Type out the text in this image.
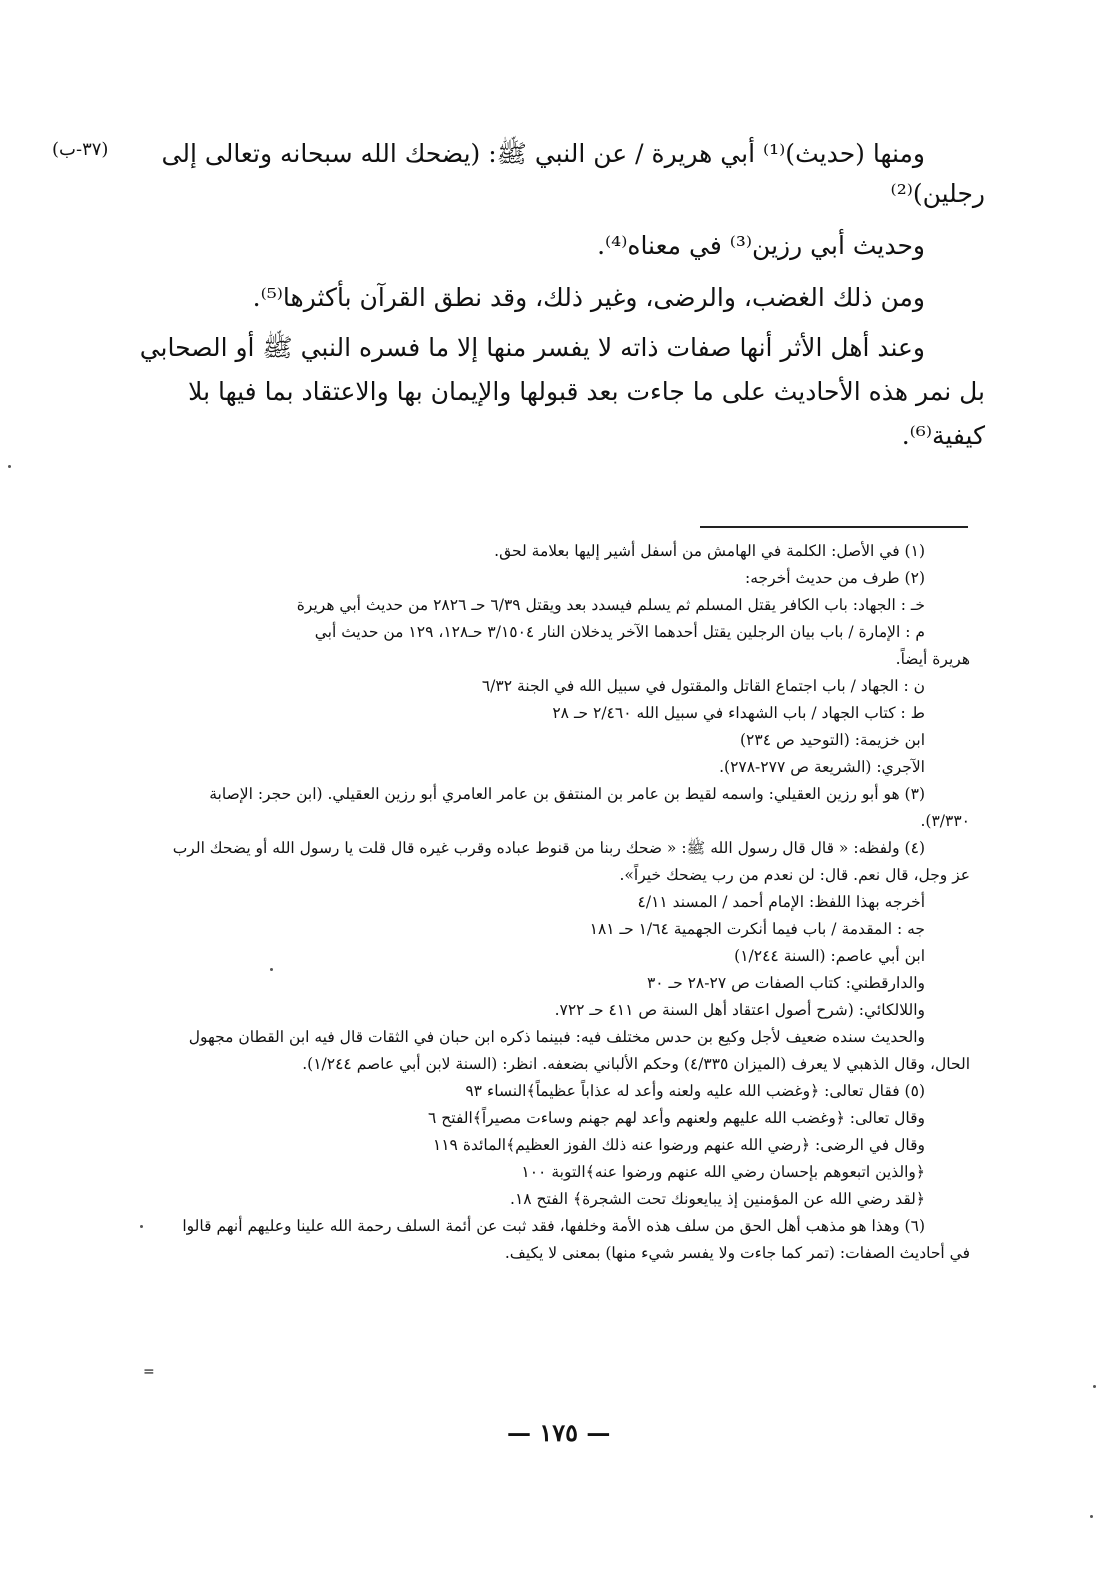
(٣٧-ب)	ومنها (حديث)⁽¹⁾ أبي هريرة / عن النبي ﷺ: (يضحك الله سبحانه وتعالى إلى

رجلين)⁽²⁾

وحديث أبي رزين⁽³⁾ في معناه⁽⁴⁾.

ومن ذلك الغضب، والرضى، وغير ذلك، وقد نطق القرآن بأكثرها⁽⁵⁾.

وعند أهل الأثر أنها صفات ذاته لا يفسر منها إلا ما فسره النبي ﷺ أو الصحابي

بل نمر هذه الأحاديث على ما جاءت بعد قبولها والإيمان بها والاعتقاد بما فيها بلا

كيفية⁽⁶⁾.

(١) في الأصل: الكلمة في الهامش من أسفل أشير إليها بعلامة لحق.
(٢) طرف من حديث أخرجه:
خـ : الجهاد: باب الكافر يقتل المسلم ثم يسلم فيسدد بعد ويقتل ٦/٣٩ حـ ٢٨٢٦ من حديث أبي هريرة
م : الإمارة / باب بيان الرجلين يقتل أحدهما الآخر يدخلان النار ٣/١٥٠٤ حـ١٢٨، ١٢٩ من حديث أبي
هريرة أيضاً.
ن : الجهاد / باب اجتماع القاتل والمقتول في سبيل الله في الجنة ٦/٣٢
ط : كتاب الجهاد / باب الشهداء في سبيل الله ٢/٤٦٠ حـ ٢٨
ابن خزيمة: (التوحيد ص ٢٣٤)
الآجري: (الشريعة ص ٢٧٧-٢٧٨).
(٣) هو أبو رزين العقيلي: واسمه لقيط بن عامر بن المنتفق بن عامر العامري أبو رزين العقيلي. (ابن حجر: الإصابة
٣/٣٣٠).
(٤) ولفظه: « قال قال رسول الله ﷺ: « ضحك ربنا من قنوط عباده وقرب غيره قال قلت يا رسول الله أو يضحك الرب
عز وجل، قال نعم. قال: لن نعدم من رب يضحك خيراً».
أخرجه بهذا اللفظ: الإمام أحمد / المسند ٤/١١
جه : المقدمة / باب فيما أنكرت الجهمية ١/٦٤ حـ ١٨١
ابن أبي عاصم: (السنة ١/٢٤٤)
والدارقطني: كتاب الصفات ص ٢٧-٢٨ حـ ٣٠
واللالكائي: (شرح أصول اعتقاد أهل السنة ص ٤١١ حـ ٧٢٢.
والحديث سنده ضعيف لأجل وكيع بن حدس مختلف فيه: فبينما ذكره ابن حبان في الثقات قال فيه ابن القطان مجهول
الحال، وقال الذهبي لا يعرف (الميزان ٤/٣٣٥) وحكم الألباني بضعفه. انظر: (السنة لابن أبي عاصم ١/٢٤٤).
(٥) فقال تعالى: ﴿وغضب الله عليه ولعنه وأعد له عذاباً عظيماً﴾النساء ٩٣
وقال تعالى: ﴿وغضب الله عليهم ولعنهم وأعد لهم جهنم وساءت مصيراً﴾الفتح ٦
وقال في الرضى: ﴿رضي الله عنهم ورضوا عنه ذلك الفوز العظيم﴾المائدة ١١٩
﴿والذين اتبعوهم بإحسان رضي الله عنهم ورضوا عنه﴾التوبة ١٠٠
﴿لقد رضي الله عن المؤمنين إذ يبايعونك تحت الشجرة﴾ الفتح ١٨.
(٦) وهذا هو مذهب أهل الحق من سلف هذه الأمة وخلفها، فقد ثبت عن أئمة السلف رحمة الله علينا وعليهم أنهم قالوا
في أحاديث الصفات: (تمر كما جاءت ولا يفسر شيء منها) بمعنى لا يكيف.
=
— ١٧٥ —
